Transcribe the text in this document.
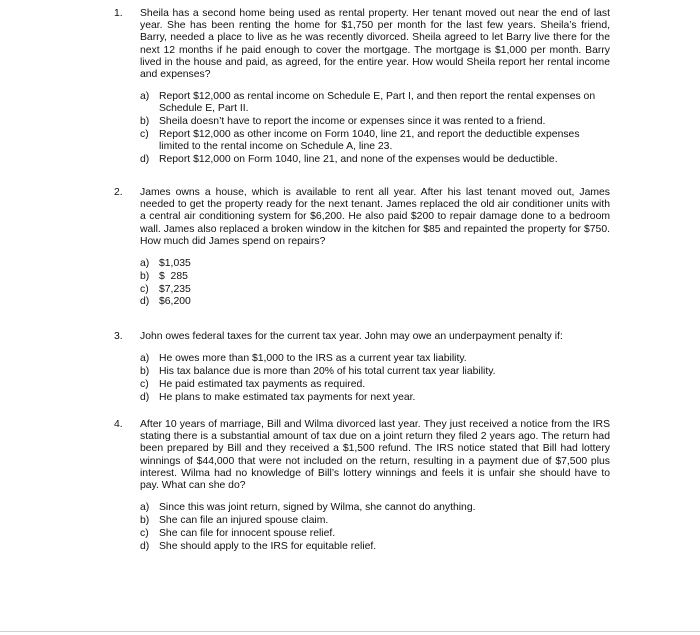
1. Sheila has a second home being used as rental property. Her tenant moved out near the end of last year. She has been renting the home for $1,750 per month for the last few years. Sheila’s friend, Barry, needed a place to live as he was recently divorced. Sheila agreed to let Barry live there for the next 12 months if he paid enough to cover the mortgage. The mortgage is $1,000 per month. Barry lived in the house and paid, as agreed, for the entire year. How would Sheila report her rental income and expenses?
a) Report $12,000 as rental income on Schedule E, Part I, and then report the rental expenses on Schedule E, Part II.
b) Sheila doesn’t have to report the income or expenses since it was rented to a friend.
c) Report $12,000 as other income on Form 1040, line 21, and report the deductible expenses limited to the rental income on Schedule A, line 23.
d) Report $12,000 on Form 1040, line 21, and none of the expenses would be deductible.
2. James owns a house, which is available to rent all year. After his last tenant moved out, James needed to get the property ready for the next tenant. James replaced the old air conditioner units with a central air conditioning system for $6,200. He also paid $200 to repair damage done to a bedroom wall. James also replaced a broken window in the kitchen for $85 and repainted the property for $750. How much did James spend on repairs?
a) $1,035
b) $  285
c) $7,235
d) $6,200
3. John owes federal taxes for the current tax year. John may owe an underpayment penalty if:
a) He owes more than $1,000 to the IRS as a current year tax liability.
b) His tax balance due is more than 20% of his total current tax year liability.
c) He paid estimated tax payments as required.
d) He plans to make estimated tax payments for next year.
4. After 10 years of marriage, Bill and Wilma divorced last year. They just received a notice from the IRS stating there is a substantial amount of tax due on a joint return they filed 2 years ago. The return had been prepared by Bill and they received a $1,500 refund. The IRS notice stated that Bill had lottery winnings of $44,000 that were not included on the return, resulting in a payment due of $7,500 plus interest. Wilma had no knowledge of Bill’s lottery winnings and feels it is unfair she should have to pay. What can she do?
a) Since this was joint return, signed by Wilma, she cannot do anything.
b) She can file an injured spouse claim.
c) She can file for innocent spouse relief.
d) She should apply to the IRS for equitable relief.
